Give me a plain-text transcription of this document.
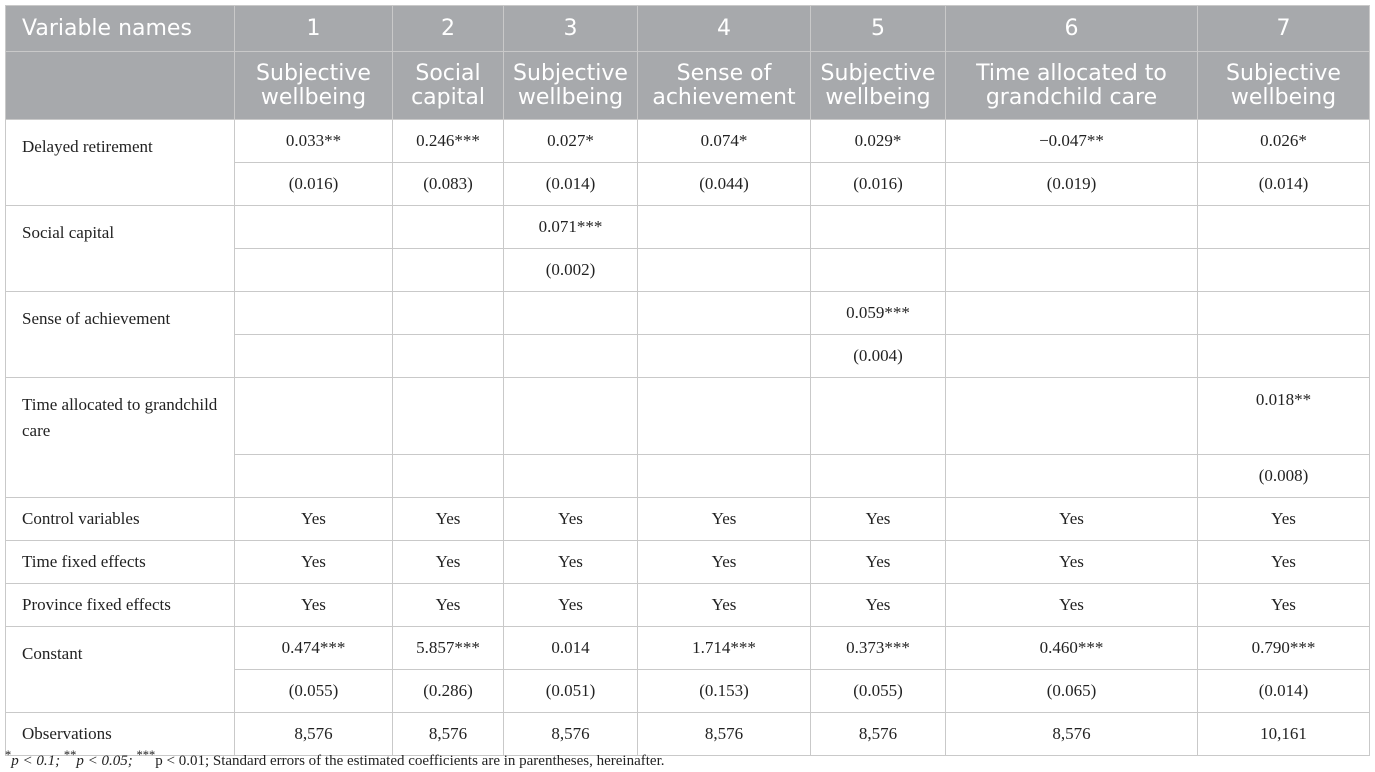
Variable names	1	2	3	4	5	6	7
	Subjective wellbeing	Social capital	Subjective wellbeing	Sense of achievement	Subjective wellbeing	Time allocated to grandchild care	Subjective wellbeing
Delayed retirement	0.033**	0.246***	0.027*	0.074*	0.029*	−0.047**	0.026*
	(0.016)	(0.083)	(0.014)	(0.044)	(0.016)	(0.019)	(0.014)
Social capital			0.071***				
			(0.002)				
Sense of achievement					0.059***		
					(0.004)		
Time allocated to grandchild care							0.018**
							(0.008)
Control variables	Yes	Yes	Yes	Yes	Yes	Yes	Yes
Time fixed effects	Yes	Yes	Yes	Yes	Yes	Yes	Yes
Province fixed effects	Yes	Yes	Yes	Yes	Yes	Yes	Yes
Constant	0.474***	5.857***	0.014	1.714***	0.373***	0.460***	0.790***
	(0.055)	(0.286)	(0.051)	(0.153)	(0.055)	(0.065)	(0.014)
Observations	8,576	8,576	8,576	8,576	8,576	8,576	10,161
*p < 0.1; **p < 0.05; ***p < 0.01; Standard errors of the estimated coefficients are in parentheses, hereinafter.
